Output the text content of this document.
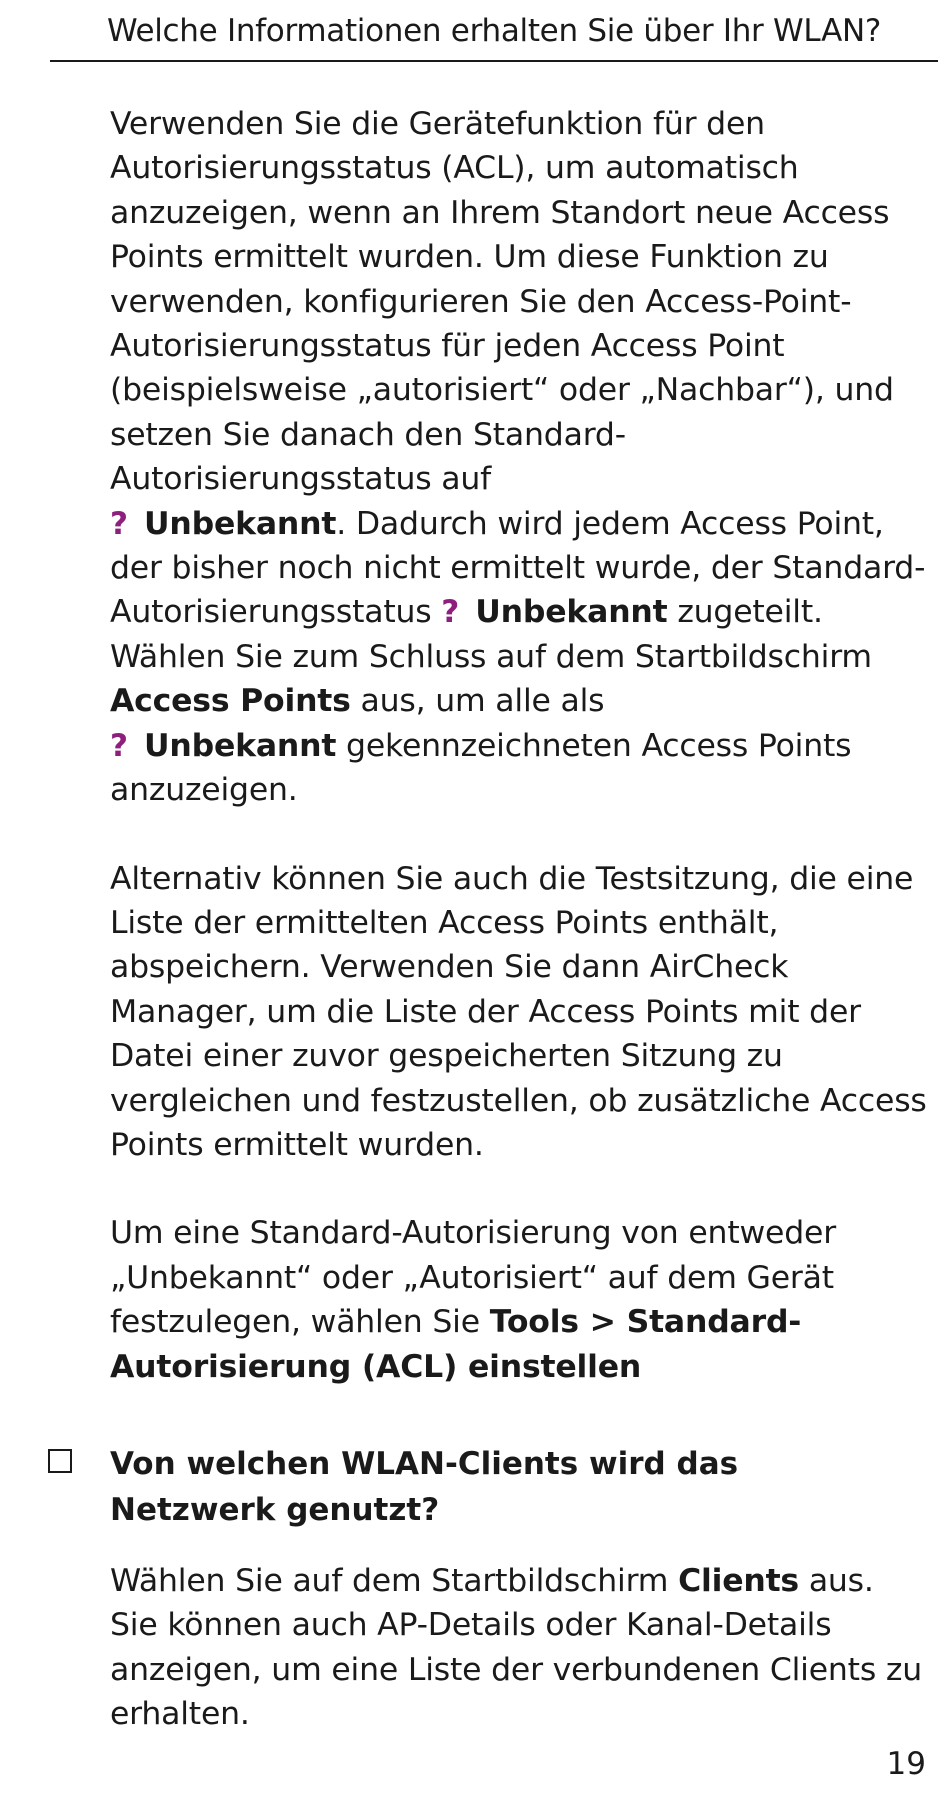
Welche Informationen erhalten Sie über Ihr WLAN?

Verwenden Sie die Gerätefunktion für den Autorisierungsstatus (ACL), um automatisch anzuzeigen, wenn an Ihrem Standort neue Access Points ermittelt wurden. Um diese Funktion zu verwenden, konfigurieren Sie den Access-Point-Autorisierungsstatus für jeden Access Point (beispielsweise „autorisiert“ oder „Nachbar“), und setzen Sie danach den Standard-Autorisierungsstatus auf
? Unbekannt. Dadurch wird jedem Access Point, der bisher noch nicht ermittelt wurde, der Standard-Autorisierungsstatus ? Unbekannt zugeteilt. Wählen Sie zum Schluss auf dem Startbildschirm Access Points aus, um alle als
? Unbekannt gekennzeichneten Access Points anzuzeigen.

Alternativ können Sie auch die Testsitzung, die eine Liste der ermittelten Access Points enthält, abspeichern. Verwenden Sie dann AirCheck Manager, um die Liste der Access Points mit der Datei einer zuvor gespeicherten Sitzung zu vergleichen und festzustellen, ob zusätzliche Access Points ermittelt wurden.

Um eine Standard-Autorisierung von entweder „Unbekannt“ oder „Autorisiert“ auf dem Gerät festzulegen, wählen Sie Tools > Standard-
Autorisierung (ACL) einstellen

Von welchen WLAN-Clients wird das
Netzwerk genutzt?

Wählen Sie auf dem Startbildschirm Clients aus. Sie können auch AP-Details oder Kanal-Details anzeigen, um eine Liste der verbundenen Clients zu erhalten.

19
